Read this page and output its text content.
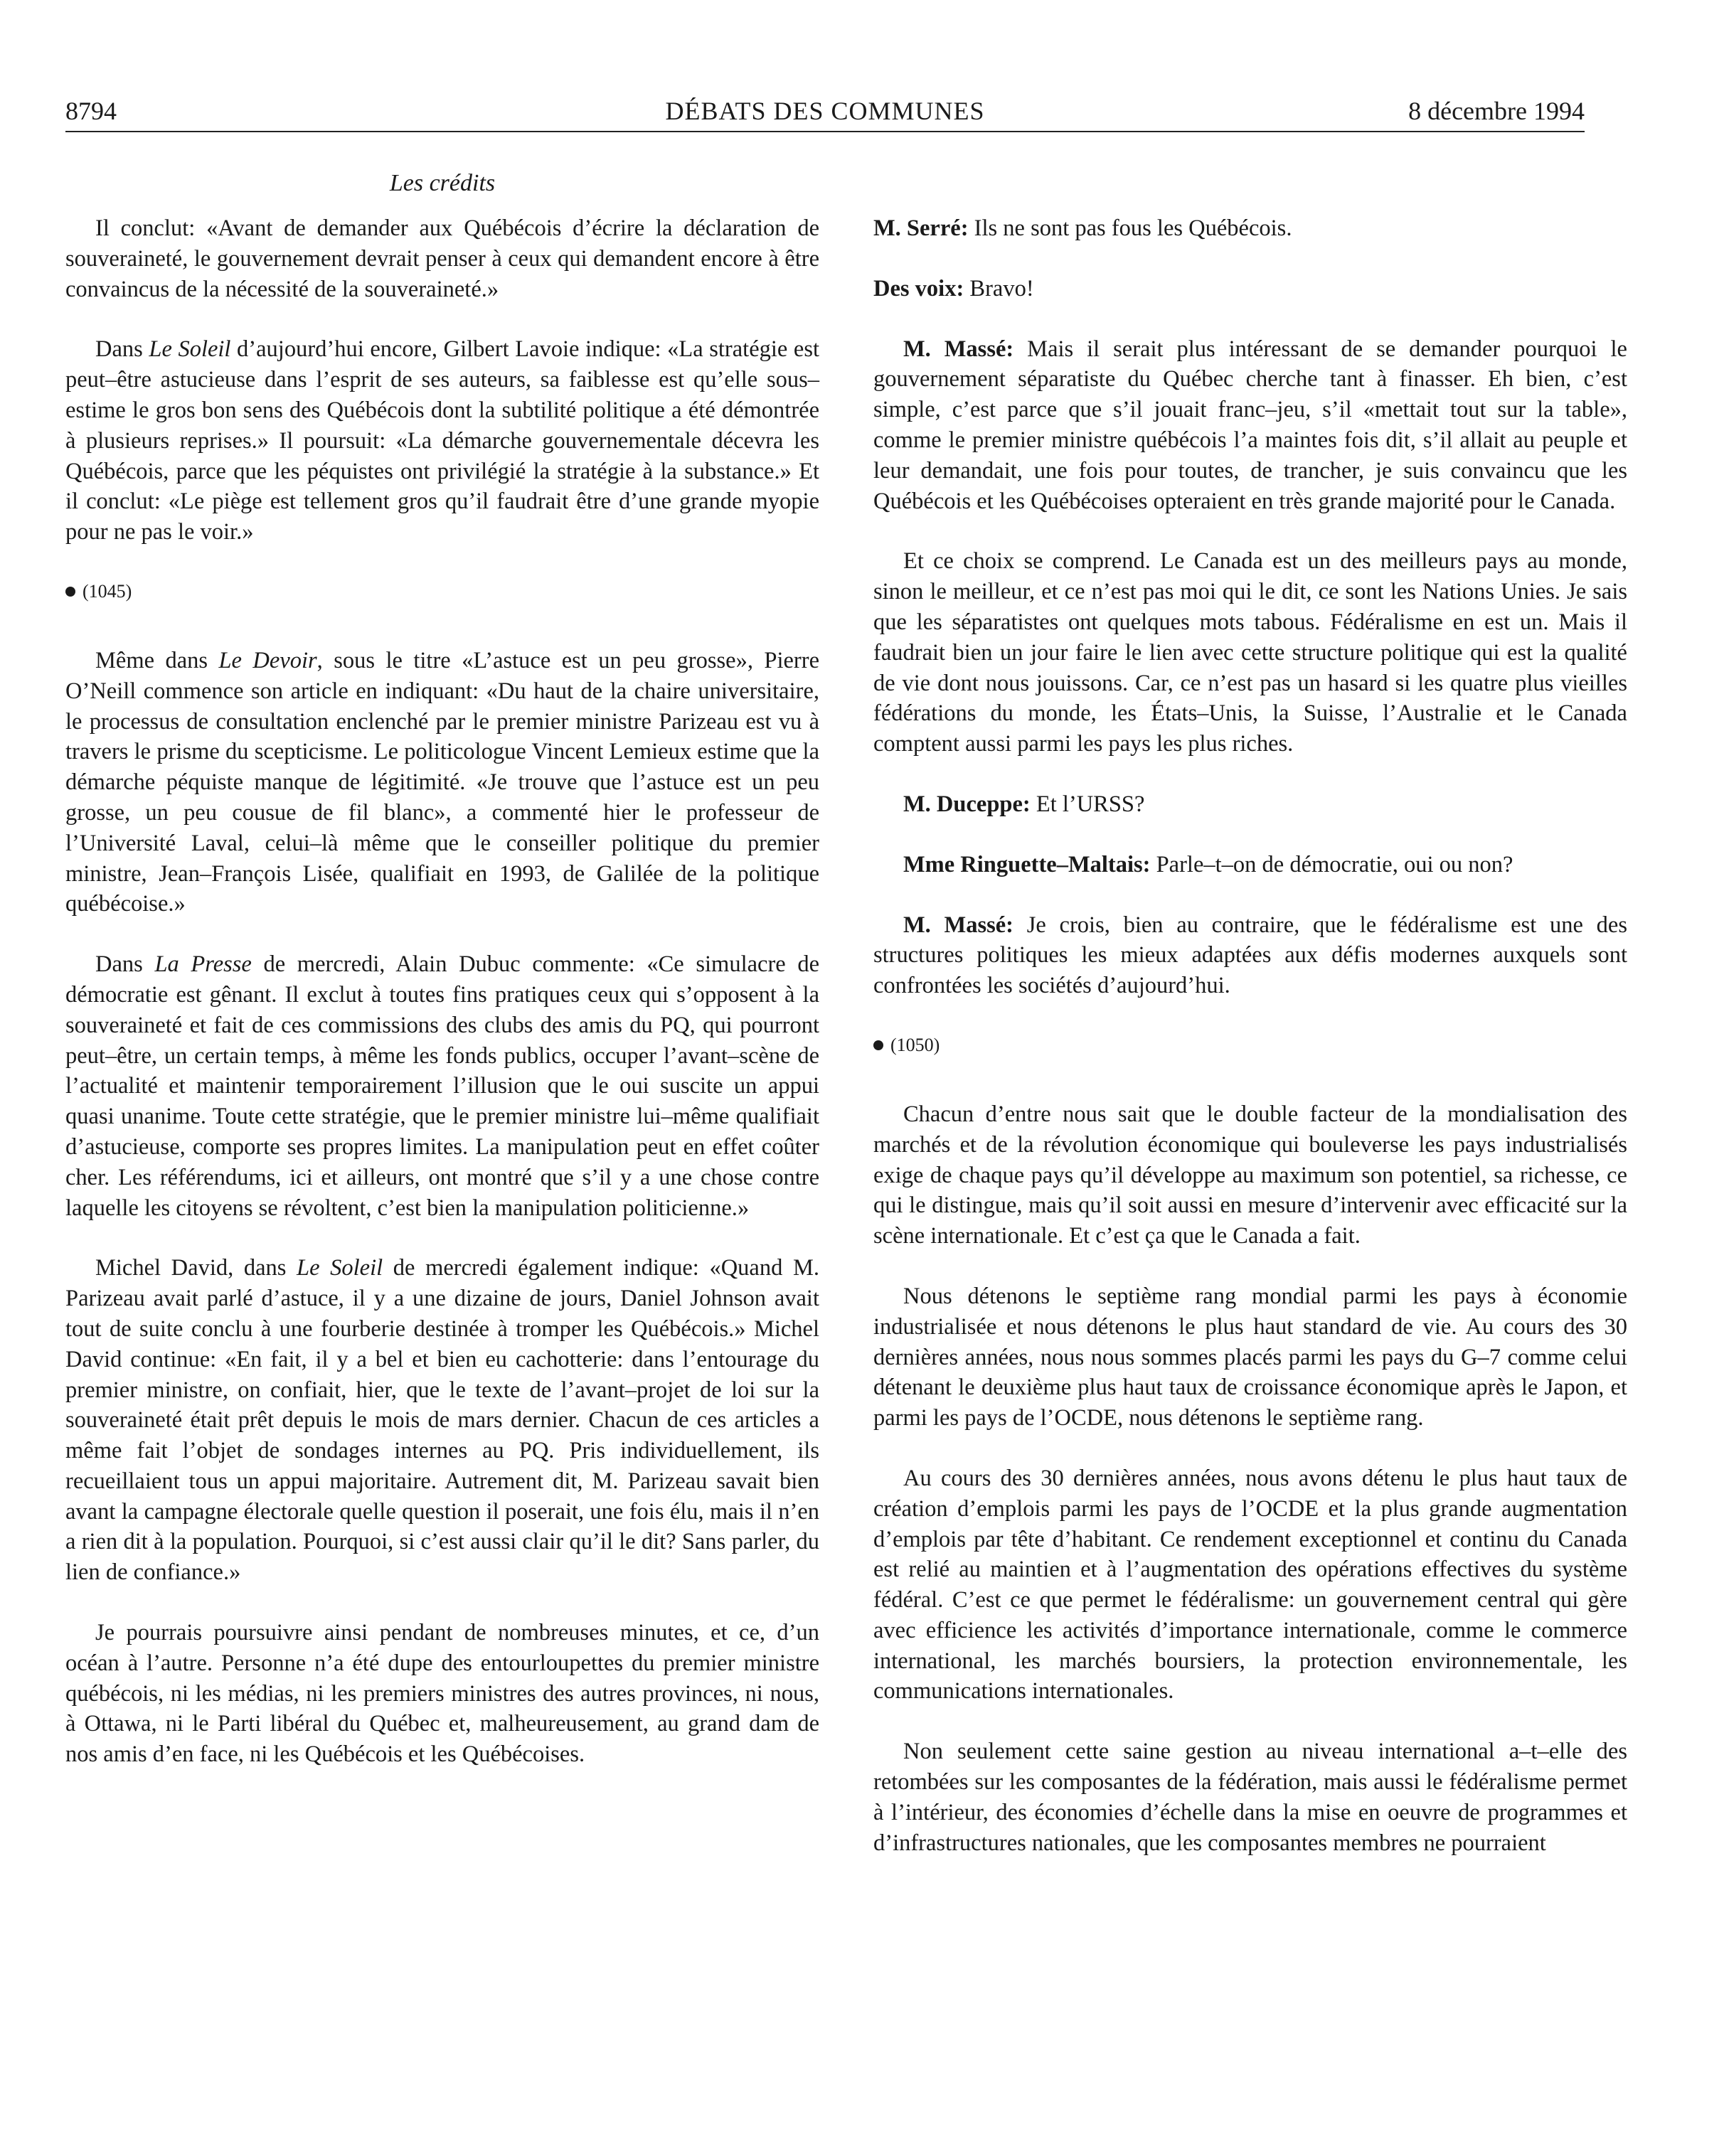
8794	DÉBATS DES COMMUNES	8 décembre 1994
Les crédits

Il conclut: «Avant de demander aux Québécois d’écrire la déclaration de souveraineté, le gouvernement devrait penser à ceux qui demandent encore à être convaincus de la nécessité de la souveraineté.»

Dans Le Soleil d’aujourd’hui encore, Gilbert Lavoie indique: «La stratégie est peut–être astucieuse dans l’esprit de ses auteurs, sa faiblesse est qu’elle sous–estime le gros bon sens des Québécois dont la subtilité politique a été démontrée à plusieurs reprises.» Il poursuit: «La démarche gouvernementale décevra les Québécois, parce que les péquistes ont privilégié la stratégie à la substance.» Et il conclut: «Le piège est tellement gros qu’il faudrait être d’une grande myopie pour ne pas le voir.»

(1045)

Même dans Le Devoir, sous le titre «L’astuce est un peu grosse», Pierre O’Neill commence son article en indiquant: «Du haut de la chaire universitaire, le processus de consultation enclenché par le premier ministre Parizeau est vu à travers le prisme du scepticisme. Le politicologue Vincent Lemieux estime que la démarche péquiste manque de légitimité. «Je trouve que l’astuce est un peu grosse, un peu cousue de fil blanc», a commenté hier le professeur de l’Université Laval, celui–là même que le conseiller politique du premier ministre, Jean–François Lisée, qualifiait en 1993, de Galilée de la politique québécoise.»

Dans La Presse de mercredi, Alain Dubuc commente: «Ce simulacre de démocratie est gênant. Il exclut à toutes fins pratiques ceux qui s’opposent à la souveraineté et fait de ces commissions des clubs des amis du PQ, qui pourront peut–être, un certain temps, à même les fonds publics, occuper l’avant–scène de l’actualité et maintenir temporairement l’illusion que le oui suscite un appui quasi unanime. Toute cette stratégie, que le premier ministre lui–même qualifiait d’astucieuse, comporte ses propres limites. La manipulation peut en effet coûter cher. Les référendums, ici et ailleurs, ont montré que s’il y a une chose contre laquelle les citoyens se révoltent, c’est bien la manipulation politicienne.»

Michel David, dans Le Soleil de mercredi également indique: «Quand M. Parizeau avait parlé d’astuce, il y a une dizaine de jours, Daniel Johnson avait tout de suite conclu à une fourberie destinée à tromper les Québécois.» Michel David continue: «En fait, il y a bel et bien eu cachotterie: dans l’entourage du premier ministre, on confiait, hier, que le texte de l’avant–projet de loi sur la souveraineté était prêt depuis le mois de mars dernier. Chacun de ces articles a même fait l’objet de sondages internes au PQ. Pris individuellement, ils recueillaient tous un appui majoritaire. Autrement dit, M. Parizeau savait bien avant la campagne électorale quelle question il poserait, une fois élu, mais il n’en a rien dit à la population. Pourquoi, si c’est aussi clair qu’il le dit? Sans parler, du lien de confiance.»

Je pourrais poursuivre ainsi pendant de nombreuses minutes, et ce, d’un océan à l’autre. Personne n’a été dupe des entourloupettes du premier ministre québécois, ni les médias, ni les premiers ministres des autres provinces, ni nous, à Ottawa, ni le Parti libéral du Québec et, malheureusement, au grand dam de nos amis d’en face, ni les Québécois et les Québécoises.

M. Serré: Ils ne sont pas fous les Québécois.

Des voix: Bravo!

M. Massé: Mais il serait plus intéressant de se demander pourquoi le gouvernement séparatiste du Québec cherche tant à finasser. Eh bien, c’est simple, c’est parce que s’il jouait franc–jeu, s’il «mettait tout sur la table», comme le premier ministre québécois l’a maintes fois dit, s’il allait au peuple et leur demandait, une fois pour toutes, de trancher, je suis convaincu que les Québécois et les Québécoises opteraient en très grande majorité pour le Canada.

Et ce choix se comprend. Le Canada est un des meilleurs pays au monde, sinon le meilleur, et ce n’est pas moi qui le dit, ce sont les Nations Unies. Je sais que les séparatistes ont quelques mots tabous. Fédéralisme en est un. Mais il faudrait bien un jour faire le lien avec cette structure politique qui est la qualité de vie dont nous jouissons. Car, ce n’est pas un hasard si les quatre plus vieilles fédérations du monde, les États–Unis, la Suisse, l’Australie et le Canada comptent aussi parmi les pays les plus riches.

M. Duceppe: Et l’URSS?

Mme Ringuette–Maltais: Parle–t–on de démocratie, oui ou non?

M. Massé: Je crois, bien au contraire, que le fédéralisme est une des structures politiques les mieux adaptées aux défis modernes auxquels sont confrontées les sociétés d’aujourd’hui.

(1050)

Chacun d’entre nous sait que le double facteur de la mondialisation des marchés et de la révolution économique qui bouleverse les pays industrialisés exige de chaque pays qu’il développe au maximum son potentiel, sa richesse, ce qui le distingue, mais qu’il soit aussi en mesure d’intervenir avec efficacité sur la scène internationale. Et c’est ça que le Canada a fait.

Nous détenons le septième rang mondial parmi les pays à économie industrialisée et nous détenons le plus haut standard de vie. Au cours des 30 dernières années, nous nous sommes placés parmi les pays du G–7 comme celui détenant le deuxième plus haut taux de croissance économique après le Japon, et parmi les pays de l’OCDE, nous détenons le septième rang.

Au cours des 30 dernières années, nous avons détenu le plus haut taux de création d’emplois parmi les pays de l’OCDE et la plus grande augmentation d’emplois par tête d’habitant. Ce rendement exceptionnel et continu du Canada est relié au maintien et à l’augmentation des opérations effectives du système fédéral. C’est ce que permet le fédéralisme: un gouvernement central qui gère avec efficience les activités d’importance internationale, comme le commerce international, les marchés boursiers, la protection environnementale, les communications internationales.

Non seulement cette saine gestion au niveau international a–t–elle des retombées sur les composantes de la fédération, mais aussi le fédéralisme permet à l’intérieur, des économies d’échelle dans la mise en oeuvre de programmes et d’infrastructures nationales, que les composantes membres ne pourraient
